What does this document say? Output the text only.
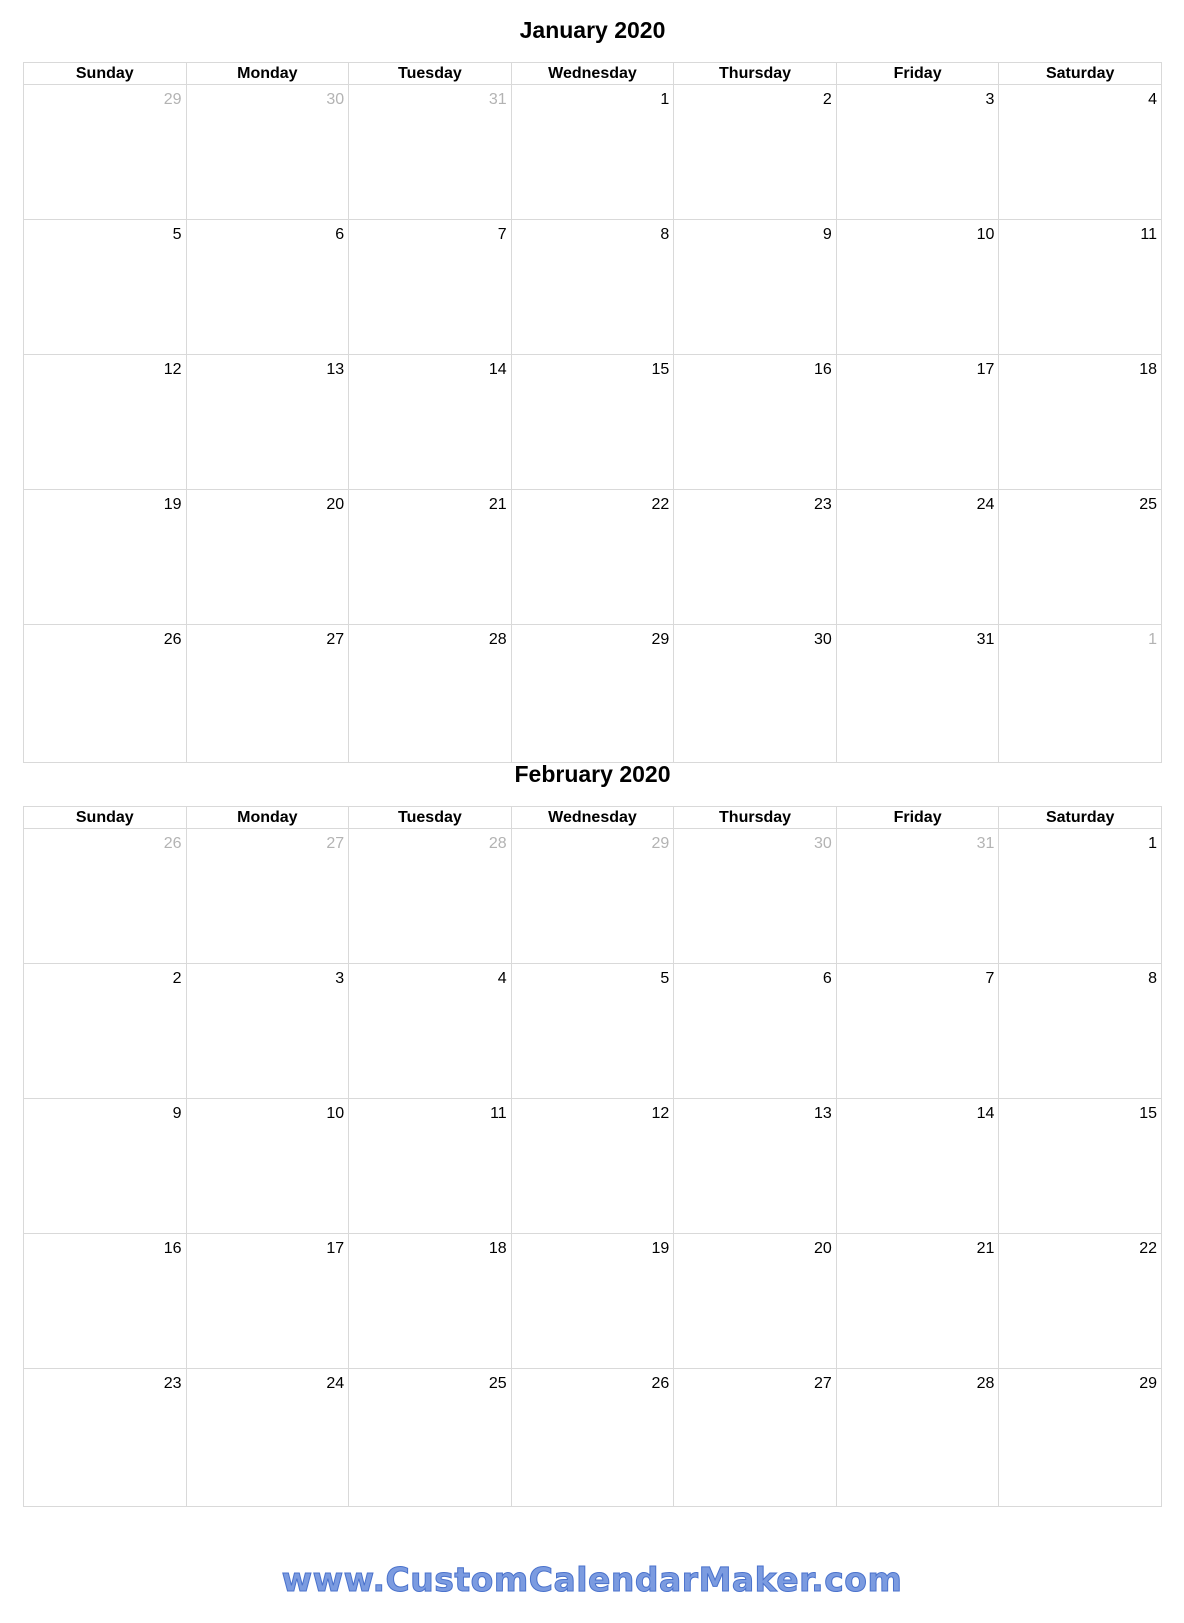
January 2020
Sunday	Monday	Tuesday	Wednesday	Thursday	Friday	Saturday

29	30	31	1	2	3	4

5	6	7	8	9	10	11

12	13	14	15	16	17	18

19	20	21	22	23	24	25

26	27	28	29	30	31	1
February 2020
Sunday	Monday	Tuesday	Wednesday	Thursday	Friday	Saturday

26	27	28	29	30	31	1

2	3	4	5	6	7	8

9	10	11	12	13	14	15

16	17	18	19	20	21	22

23	24	25	26	27	28	29
www.CustomCalendarMaker.com
